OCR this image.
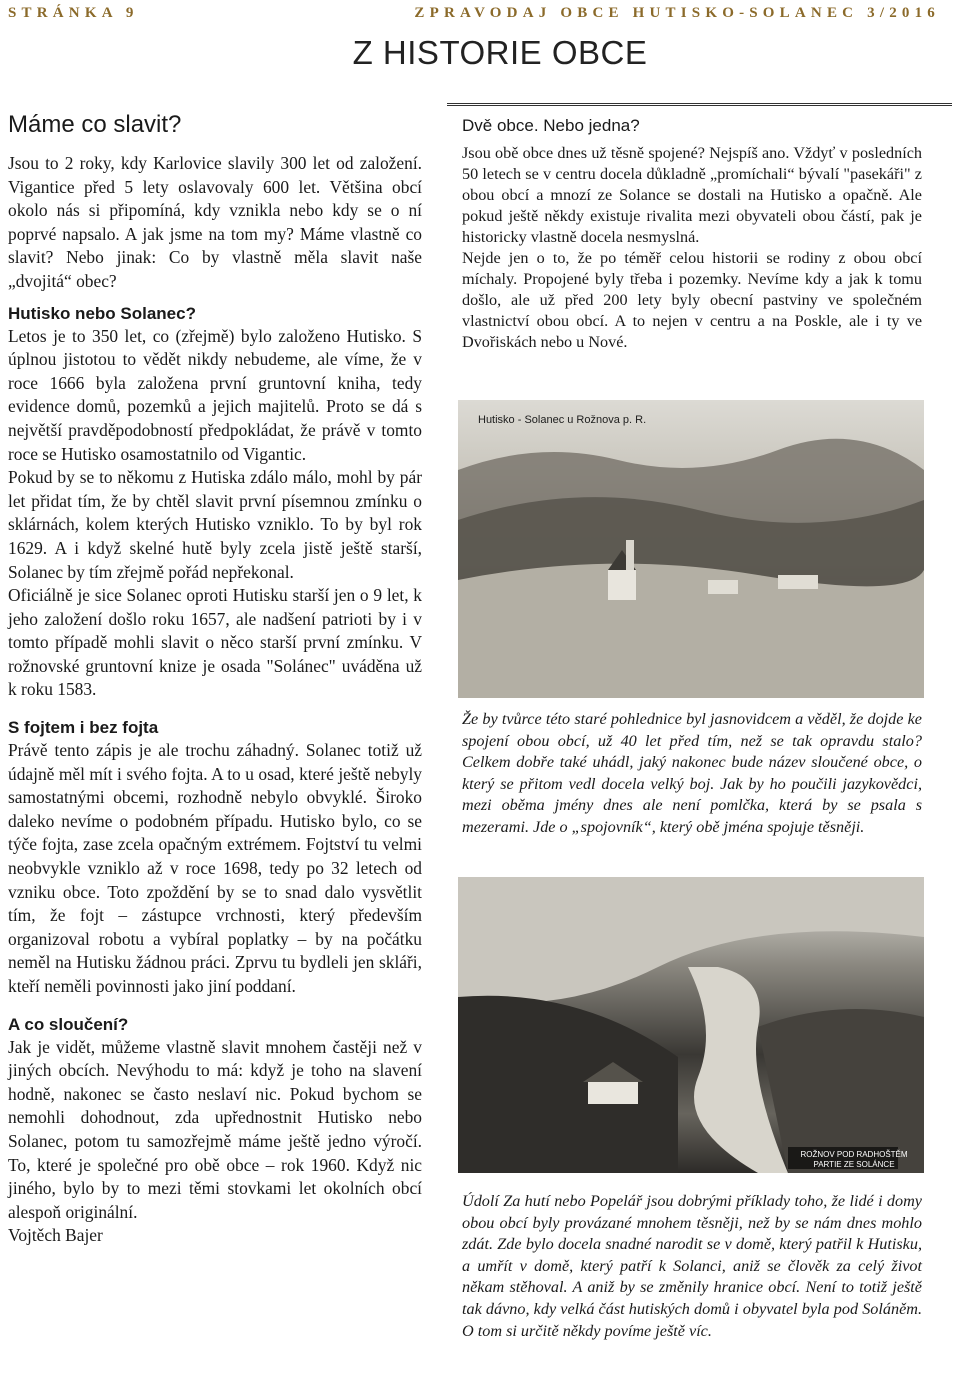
STRÁNKA 9	ZPRAVODAJ OBCE HUTISKO-SOLANEC 3/2016
Z HISTORIE OBCE
Máme co slavit?

Jsou to 2 roky, kdy Karlovice slavily 300 let od založení. Vigantice před 5 lety oslavovaly 600 let. Většina obcí okolo nás si připomíná, kdy vznikla nebo kdy se o ní poprvé napsalo. A jak jsme na tom my? Máme vlastně co slavit? Nebo jinak: Co by vlastně měla slavit naše „dvojitá“ obec?

Hutisko nebo Solanec?

Letos je to 350 let, co (zřejmě) bylo založeno Hutisko. S úplnou jistotou to vědět nikdy nebudeme, ale víme, že v roce 1666 byla založena první gruntovní kniha, tedy evidence domů, pozemků a jejich majitelů. Proto se dá s největší pravděpodobností předpokládat, že právě v tomto roce se Hutisko osamostatnilo od Vigantic.

Pokud by se to někomu z Hutiska zdálo málo, mohl by pár let přidat tím, že by chtěl slavit první písemnou zmínku o sklárnách, kolem kterých Hutisko vzniklo. To by byl rok 1629. A i když skelné hutě byly zcela jistě ještě starší, Solanec by tím zřejmě pořád nepřekonal.

Oficiálně je sice Solanec oproti Hutisku starší jen o 9 let, k jeho založení došlo roku 1657, ale nadšení patrioti by i v tomto případě mohli slavit o něco starší první zmínku. V rožnovské gruntovní knize je osada "Solánec" uváděna už k roku 1583.

S fojtem i bez fojta

Právě tento zápis je ale trochu záhadný. Solanec totiž už údajně měl mít i svého fojta. A to u osad, které ještě nebyly samostatnými obcemi, rozhodně nebylo obvyklé. Široko daleko nevíme o podobném případu. Hutisko bylo, co se týče fojta, zase zcela opačným extrémem. Fojtství tu velmi neobvykle vzniklo až v roce 1698, tedy po 32 letech od vzniku obce. Toto zpoždění by se to snad dalo vysvětlit tím, že fojt – zástupce vrchnosti, který především organizoval robotu a vybíral poplatky – by na počátku neměl na Hutisku žádnou práci. Zprvu tu bydleli jen skláři, kteří neměli povinnosti jako jiní poddaní.

A co sloučení?

Jak je vidět, můžeme vlastně slavit mnohem častěji než v jiných obcích. Nevýhodu to má: když je toho na slavení hodně, nakonec se často neslaví nic. Pokud bychom se nemohli dohodnout, zda upřednostnit Hutisko nebo Solanec, potom tu samozřejmě máme ještě jedno výročí. To, které je společné pro obě obce – rok 1960. Když nic jiného, bylo by to mezi těmi stovkami let okolních obcí alespoň originální.

Vojtěch Bajer

Dvě obce. Nebo jedna?

Jsou obě obce dnes už těsně spojené? Nejspíš ano. Vždyť v posledních 50 letech se v centru docela důkladně „promíchali“ bývalí "pasekáři" z obou obcí a mnozí ze Solance se dostali na Hutisko a opačně. Ale pokud ještě někdy existuje rivalita mezi obyvateli obou částí, pak je historicky vlastně docela nesmyslná.

Nejde jen o to, že po téměř celou historii se rodiny z obou obcí míchaly. Propojené byly třeba i pozemky. Nevíme kdy a jak k tomu došlo, ale už před 200 lety byly obecní pastviny ve společném vlastnictví obou obcí. A to nejen v centru a na Poskle, ale i ty ve Dvořiskách nebo u Nové.

Hutisko - Solanec u Rožnova p. R.
Že by tvůrce této staré pohlednice byl jasnovidcem a věděl, že dojde ke spojení obou obcí, už 40 let před tím, než se tak opravdu stalo? Celkem dobře také uhádl, jaký nakonec bude název sloučené obce, o který se přitom vedl docela velký boj. Jak by ho poučili jazykovědci, mezi oběma jmény dnes ale není pomlčka, která by se psala s mezerami. Jde o „spojovník“, který obě jména spojuje těsněji.
ROŽNOV POD RADHOŠTĚM PARTIE ZE SOLÁNCE
Údolí Za hutí nebo Popelář jsou dobrými příklady toho, že lidé i domy obou obcí byly provázané mnohem těsněji, než by se nám dnes mohlo zdát. Zde bylo docela snadné narodit se v domě, který patřil k Hutisku, a umřít v domě, který patří k Solanci, aniž se člověk za celý život někam stěhoval. A aniž by se změnily hranice obcí. Není to totiž ještě tak dávno, kdy velká část hutiských domů i obyvatel byla pod Soláněm. O tom si určitě někdy povíme ještě víc.
